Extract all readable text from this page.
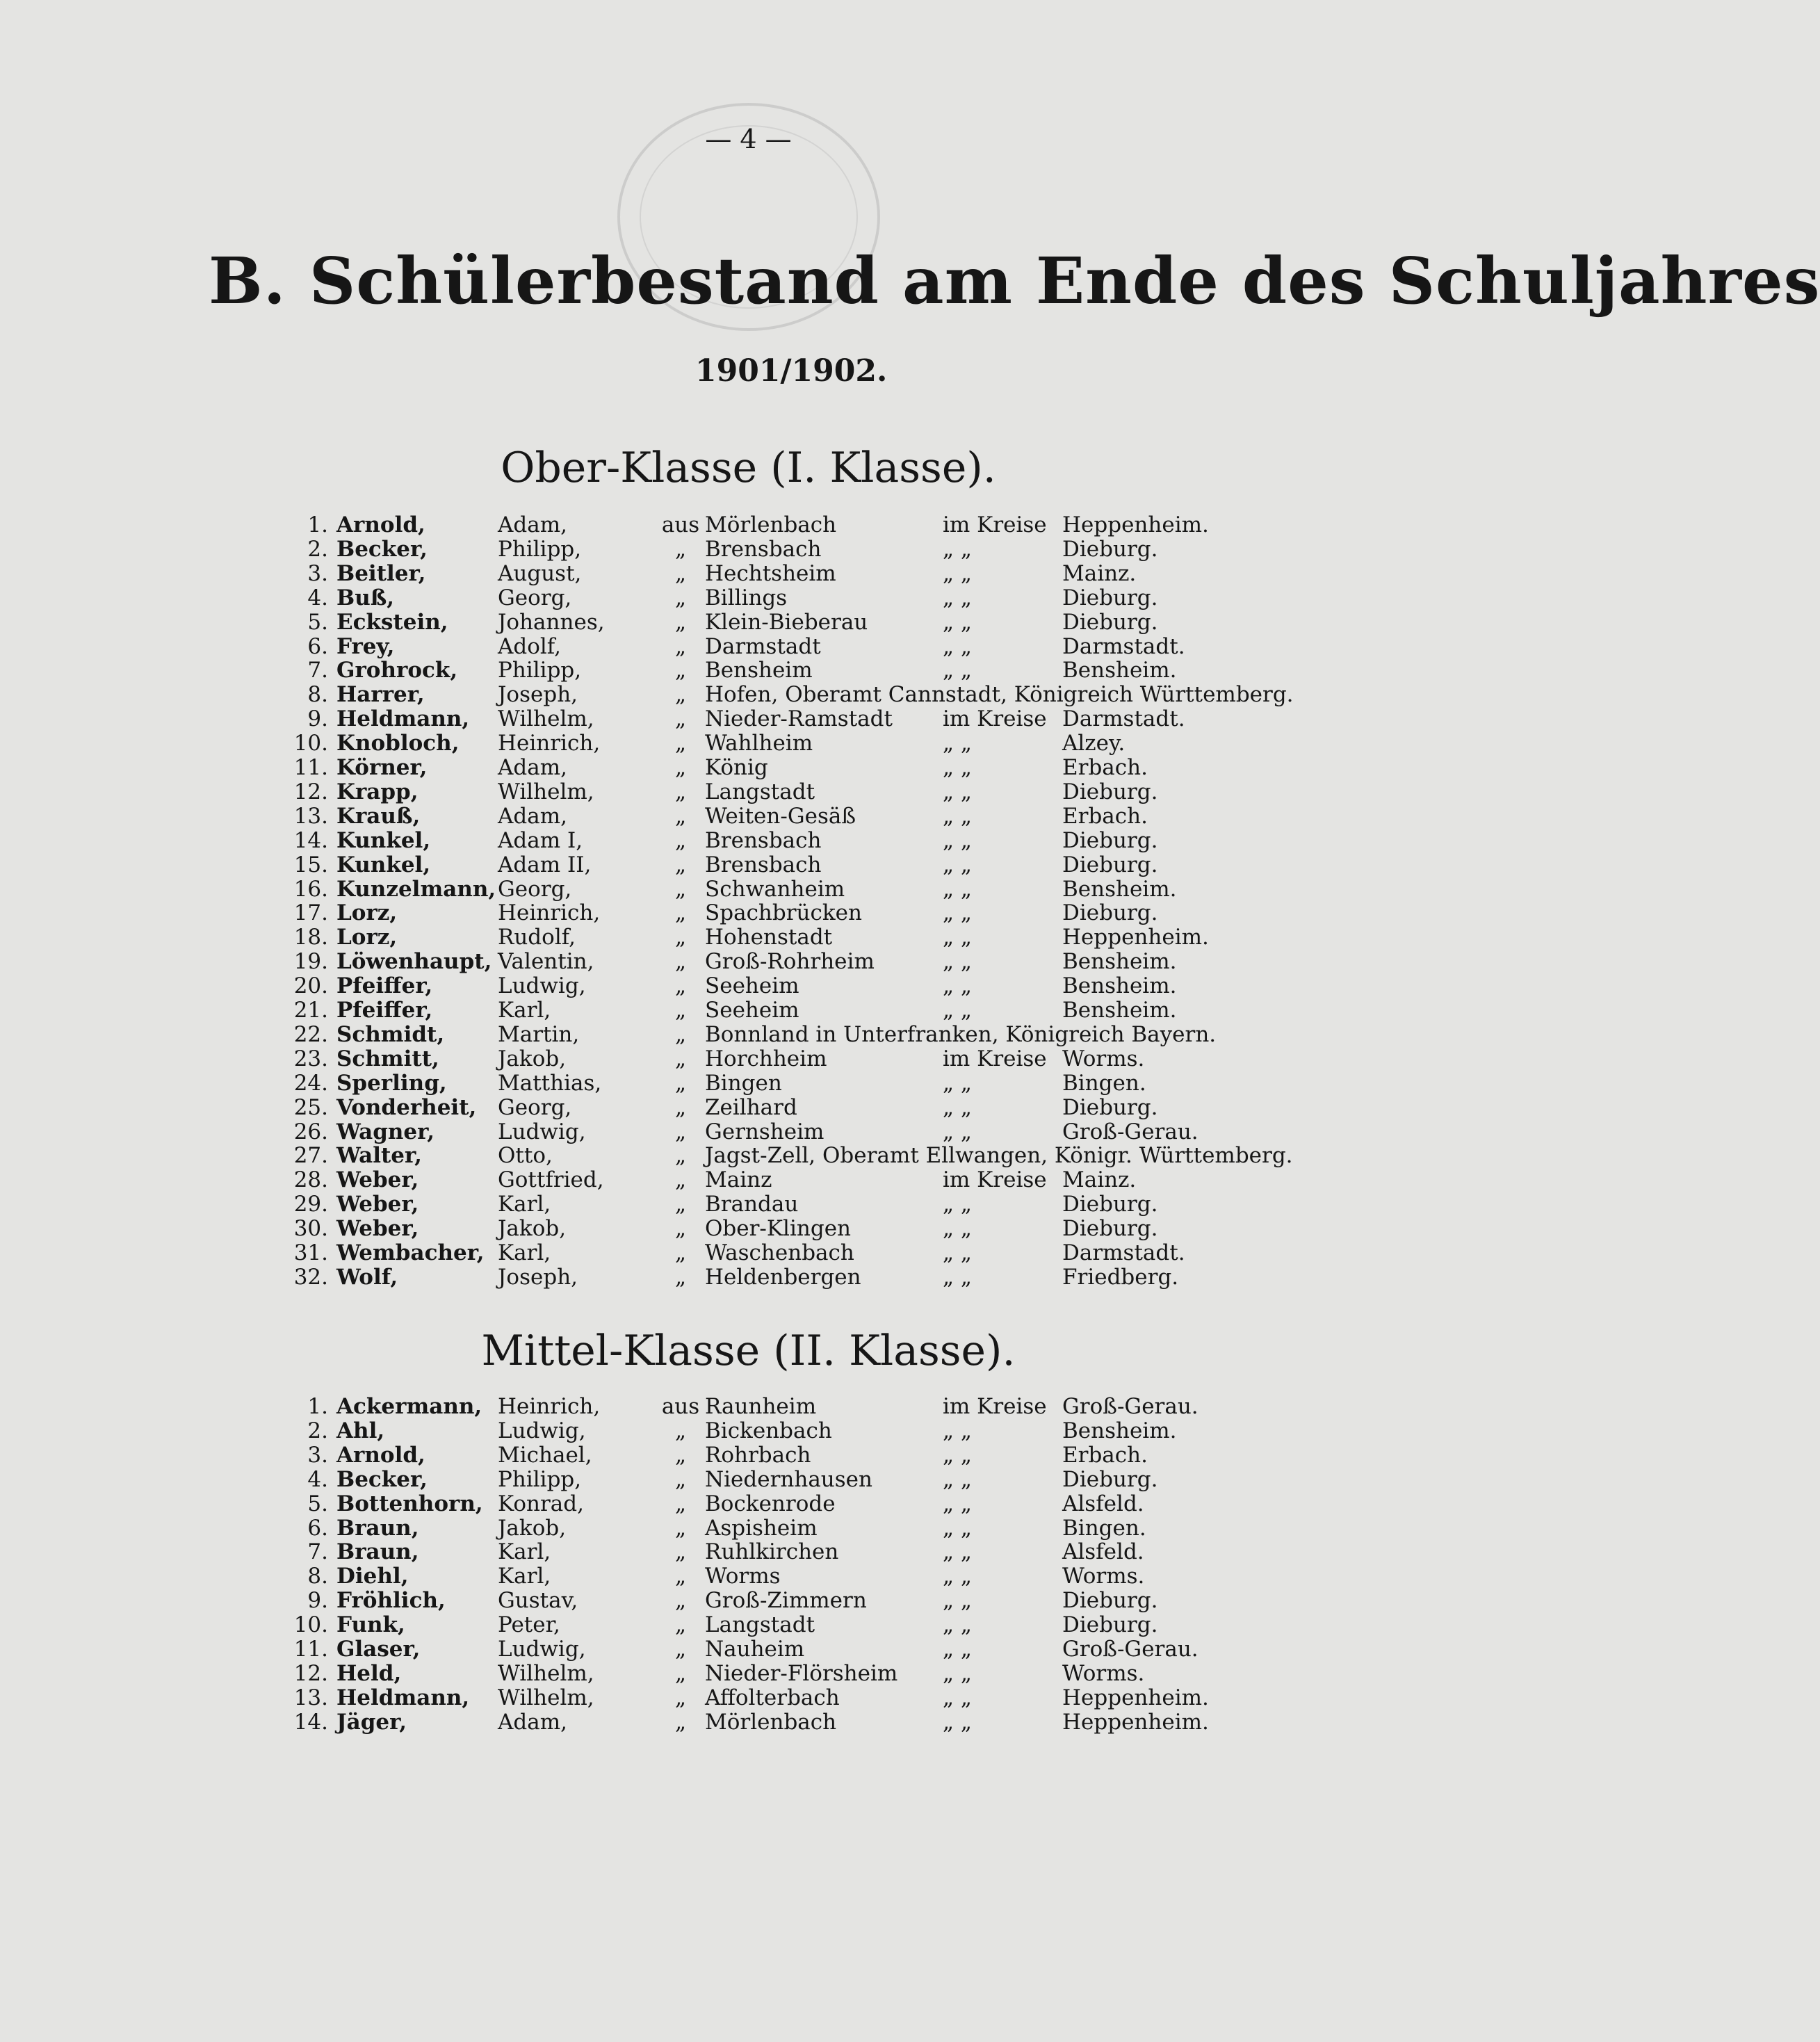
— 4 —
B. Schülerbestand am Ende des Schuljahres
1901/1902.
Ober-Klasse (I. Klasse).
1. Arnold,	Adam,	aus Mörlenbach	im Kreise Heppenheim.
2. Becker,	Philipp,	„ Brensbach	„ „	Dieburg.
3. Beitler,	August,	„ Hechtsheim	„ „	Mainz.
4. Buß,	Georg,	„ Billings	„ „	Dieburg.
5. Eckstein, Johannes,	„ Klein-Bieberau	„ „	Dieburg.
6. Frey,	Adolf,	„ Darmstadt	„ „	Darmstadt.
7. Grohrock, Philipp,	„ Bensheim	„ „	Bensheim.
8. Harrer,	Joseph,	„ Hofen, Oberamt Cannstadt, Königreich Württemberg.
9. Heldmann, Wilhelm,	„ Nieder-Ramstadt im Kreise Darmstadt.
10. Knobloch, Heinrich,	„ Wahlheim	„ „	Alzey.
11. Körner,	Adam,	„ König	„ „	Erbach.
12. Krapp,	Wilhelm,	„ Langstadt	„ „	Dieburg.
13. Krauß,	Adam,	„ Weiten-Gesäß	„ „	Erbach.
14. Kunkel,	Adam I,	„ Brensbach	„ „	Dieburg.
15. Kunkel,	Adam II,	„ Brensbach	„ „	Dieburg.
16. Kunzelmann, Georg,	„ Schwanheim	„ „	Bensheim.
17. Lorz,	Heinrich,	„ Spachbrücken	„ „	Dieburg.
18. Lorz,	Rudolf,	„ Hohenstadt	„ „	Heppenheim.
19. Löwenhaupt, Valentin,	„ Groß-Rohrheim	„ „	Bensheim.
20. Pfeiffer,	Ludwig,	„ Seeheim	„ „	Bensheim.
21. Pfeiffer,	Karl,	„ Seeheim	„ „	Bensheim.
22. Schmidt, Martin,	„ Bonnland in Unterfranken, Königreich Bayern.
23. Schmitt,	Jakob,	„ Horchheim	im Kreise Worms.
24. Sperling, Matthias,	„ Bingen	„ „	Bingen.
25. Vonderheit, Georg,	„ Zeilhard	„ „	Dieburg.
26. Wagner,	Ludwig,	„ Gernsheim	„ „	Groß-Gerau.
27. Walter,	Otto,	„ Jagst-Zell, Oberamt Ellwangen, Königr. Württemberg.
28. Weber,	Gottfried,	„ Mainz	im Kreise Mainz.
29. Weber,	Karl,	„ Brandau	„ „	Dieburg.
30. Weber,	Jakob,	„ Ober-Klingen	„ „	Dieburg.
31. Wembacher, Karl,	„ Waschenbach	„ „	Darmstadt.
32. Wolf,	Joseph,	„ Heldenbergen	„ „	Friedberg.
Mittel-Klasse (II. Klasse).
1. Ackermann, Heinrich,	aus Raunheim	im Kreise Groß-Gerau.
2. Ahl,	Ludwig,	„ Bickenbach	„ „	Bensheim.
3. Arnold,	Michael,	„ Rohrbach	„ „	Erbach.
4. Becker,	Philipp,	„ Niedernhausen	„ „	Dieburg.
5. Bottenhorn, Konrad,	„ Bockenrode	„ „	Alsfeld.
6. Braun,	Jakob,	„ Aspisheim	„ „	Bingen.
7. Braun,	Karl,	„ Ruhlkirchen	„ „	Alsfeld.
8. Diehl,	Karl,	„ Worms	„ „	Worms.
9. Fröhlich, Gustav,	„ Groß-Zimmern	„ „	Dieburg.
10. Funk,	Peter,	„ Langstadt	„ „	Dieburg.
11. Glaser,	Ludwig,	„ Nauheim	„ „	Groß-Gerau.
12. Held,	Wilhelm,	„ Nieder-Flörsheim „ „	Worms.
13. Heldmann, Wilhelm,	„ Affolterbach	„ „	Heppenheim.
14. Jäger,	Adam,	„ Mörlenbach	„ „	Heppenheim.
